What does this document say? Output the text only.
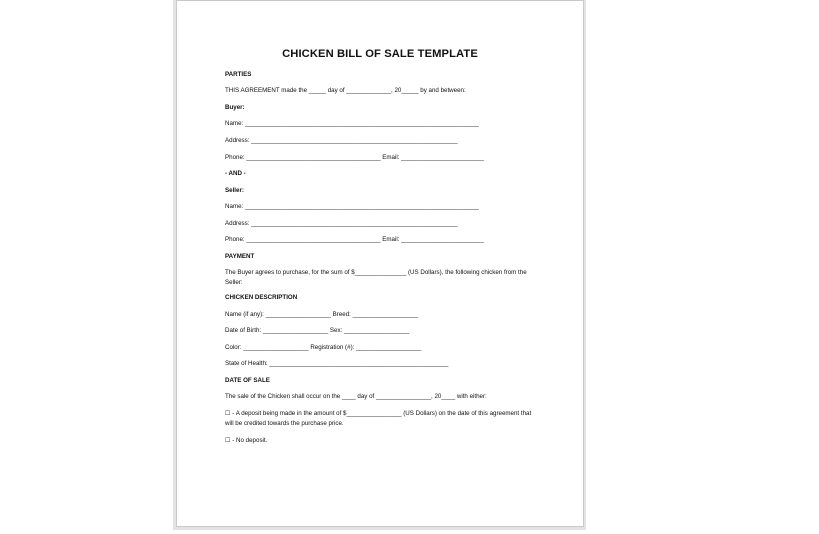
CHICKEN BILL OF SALE TEMPLATE
PARTIES
THIS AGREEMENT made the _____ day of _____________, 20_____ by and between:
Buyer:
Name: ____________________________________________________________________
Address: ____________________________________________________________
Phone: _______________________________________ Email: ________________________
- AND -
Seller:
Name: ____________________________________________________________________
Address: ____________________________________________________________
Phone: _______________________________________ Email: ________________________
PAYMENT
The Buyer agrees to purchase, for the sum of $_______________ (US Dollars), the following chicken from the Seller:
CHICKEN DESCRIPTION
Name (if any): ___________________ Breed: ___________________
Date of Birth: ___________________ Sex: ___________________
Color: ___________________ Registration (#): ___________________
State of Health: ____________________________________________________
DATE OF SALE
The sale of the Chicken shall occur on the ____ day of ________________, 20____ with either:
☐ - A deposit being made in the amount of $________________ (US Dollars) on the date of this agreement that will be credited towards the purchase price.
☐ - No deposit.
